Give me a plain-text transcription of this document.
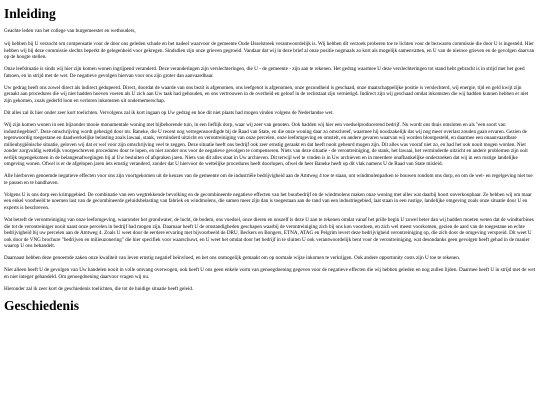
Inleiding

Geachte leden van het college van burgemeester en wethouders,

wij hebben bij U verzocht om compensatie voor de door ons geleden schade en het nadeel waarvoor de gemeente Oude IJsselstreek verantwoordelijk is. Wij hebben dit verzoek proberen toe te lichten voor de bezwaren commissie die door U is ingesteld. Hier hebben wij bij deze commissie slechts beperkt de gelegenheid voor gekregen. Sindsdien zijn onze grieven gegroeid. Vandaar dat wij in deze brief al onze positie nogmaals zo kort als mogelijk samenvatten, en U van de nieuwe grieven en de gevolgen daarvan op de hoogte stellen.

Onze leefsituatie is sinds wij hier zijn komen wonen ingrijpend veranderd. Deze veranderingen zijn verslechteringen, die U - de gemeente - zijn aan te rekenen. Het gedrag waarmee U deze verslechteringen tot stand hebt gebracht is in strijd met het goed fatsoen, en in strijd met de wet. De negatieve gevolgen hiervan voor ons zijn groter dan aanvaardbaar.

Uw gedrag heeft ons zowel direct als indirect gedupeerd. Direct, doordat de waarde van ons bezit is afgenomen, ons leefgenot is afgenomen, onze gezondheid is geschaad, onze maatschappelijke positie is verslechterd, wij energie, tijd en geld kwijt zijn geraakt aan procedures die wij niet hadden hoeven voeren als U zich aan Uw taak had gehouden, en ons vertrouwen in de overheid en geloof in de rechtstaat zijn vernietigd. Indirect zijn wij geschaad omdat inkomsten die wij hadden kunnen hebben er niet zijn gekomen, zoals gederfd loon en verloren inkomsten uit ondernemerschap.

Dit alles zal ik hier onder zeer kort toelichten. Vervolgens zal ik kort ingaan op Uw gedrag en hoe dit niet plaats had mogen vinden volgens de Nederlandse wet.

Wij zijn komen wonen in een bijzonder mooie monumentale woning met bijbehorende tuin, in een lieflijk dorp, waar wij zeer van genoten. Ook hadden wij hier een voedselproducerend bedrijf. Nu wordt ons thuis omsloten en als "een soort van industriegebied". Deze omschrijving wordt gebezigd door mr. Baneke, die U recent nog verregensoordigde bij de Raad van State, en die onze woning daar zo omschreef, waarmee hij noodzakelijk dat wij nog meer overlast zouden gaan ervaren. Gezien de tegenwoordig toegestane en daadwerkelijke belasting zoals lawaai, stank, verminderd uitzicht en verontreiniging van onze percelen, onze leefomgeving en omstelt, en andere gevaren waarvan wij worden blootgesteld, en daarmee een onaanvaardbare milieuhygiënische situatie, geloven wij dat er wel voor zijn omschrijving veel te zeggen. Deze situatie heeft ons bedrijf ook zeer ernstig geraakt en dat heeft nooit gebeurd mogen zijn. Dit alles was vooraf niet zo, en had het ook nooit mogen worden. Niet zonder zorgvuldig wettelijk voorgeschreven procedures door te lopen, en niet zonder ons voor de negatieve gevolgen te compenseren. Niets van deze situatie - de verontreiniging, de stank, het lawaai, het verminderde uitzicht en andere problemen zijn ooit eerlijk tegengekomen in de belangenafwegingen bij al Uw besluiten of afspraken jaren. Niets van dit alles staat in Uw archieven. Dit terwijl wel te vinden is in Uw archieven en in meerdere onafhankelijke onderzoeken dat wij in een rustige landelijke omgeving wonen. Ofwel is er de afgelopen jaren iets ernstig veranderd, zonder dat U hiervoor de wettelijke procedures heeft doorlopen, ofwel de heer Baneke heeft op dit vlak namens U de Raad van State misleid.

Alle hierboven genoemde negatieve effecten voor ons zijn voortgekomen uit de keuzes van de gemeente om de industriële bedrijvigheid aan de Amtweg 4 toe te staan, om windmolenparken te bouwen rondom ons dorp, en om de wet- en regelgeving niet toe te passen en te handhaven.

Volgens U is ons dorp een krimpgebied. De combinatie van een wegtrekkende bevolking en de gecombineerde negatieve effecten van het buurbedrijf en de windmolens maken onze woning met alles wat daarbij hoort onverkoopbaar. Ze hebben wij om maar een enkel voorbeeld te noemen last van de gecombineerde geluidsbelasting van fabriek en windmolens, die samen meer zijn dan is toegestaan aan de rand van een industriegebied, laat staan in een rustige, landelijke omgeving zoals onze situatie door U en experts is beschreven.

Wat betreft de verontreiniging van onze leefomgeving, waaronder het grondwater, de lucht, de bodem, ons voedsel, onze dieren en onszelf is deze U aan te rekenen omdat vanaf het prille begin U zowel beter dan wij hadden moeten weten dat de windturbines die tot de verontreiniger nooit naast onze percelen in bedrijf had mogen zijn. Daarnaar heeft U de omstandigheden geschapen waarbij de verontreiniging zich bij ons kon voordoen, en zich wel meest voorkomen, gezien de aard van de toegestane en echte bedrijvigheid bij uw percelen aan de Amtweg 4. Zoals U weet door de eerdere ervaring met bijvoorbeeld de DRU, Beckers en Bongers, ETNA, ATAG en Pelgrim levert deze bedrijvigheid verontreiniging op, die zich door de omgeving verspreid. Dit weet U ook door de VNG brochure "bedrijven en milieuzonering" die hier specifiek voor waarschuwt, en U weet het omdat door het bedrijf in te sluiten U ook verantwoordelijk bent voor de verontreiniging, wat desondanks geen gevolgen heeft gehad in de manier waarop U ons behandelt.

Daarnaast hebben deze genoemde zaken onze kwaliteit van leven ernstig negatief beïnvloed, en het ons onmogelijk gemaakt om op normale wijze inkomen te verkrijgen. Ook andere opportunity costs zijn U toe te rekenen.

Niet alleen heeft U de gevolgen van Uw handelen nooit in volle omvang overwogen, ook heeft U ons geen enkele vorm van genoegdoening gegeven voor de negatieve effecten die wij hebben geleden en nog zullen lijden. Daarmee heeft U in strijd met de wet en niet integer gehandeld. Om genoegdoening daarvoor vragen wij nu.

Hieronder zal ik zeer kort de geschiedenis toelichten, die tot de huidige situatie heeft geleid.

Geschiedenis
